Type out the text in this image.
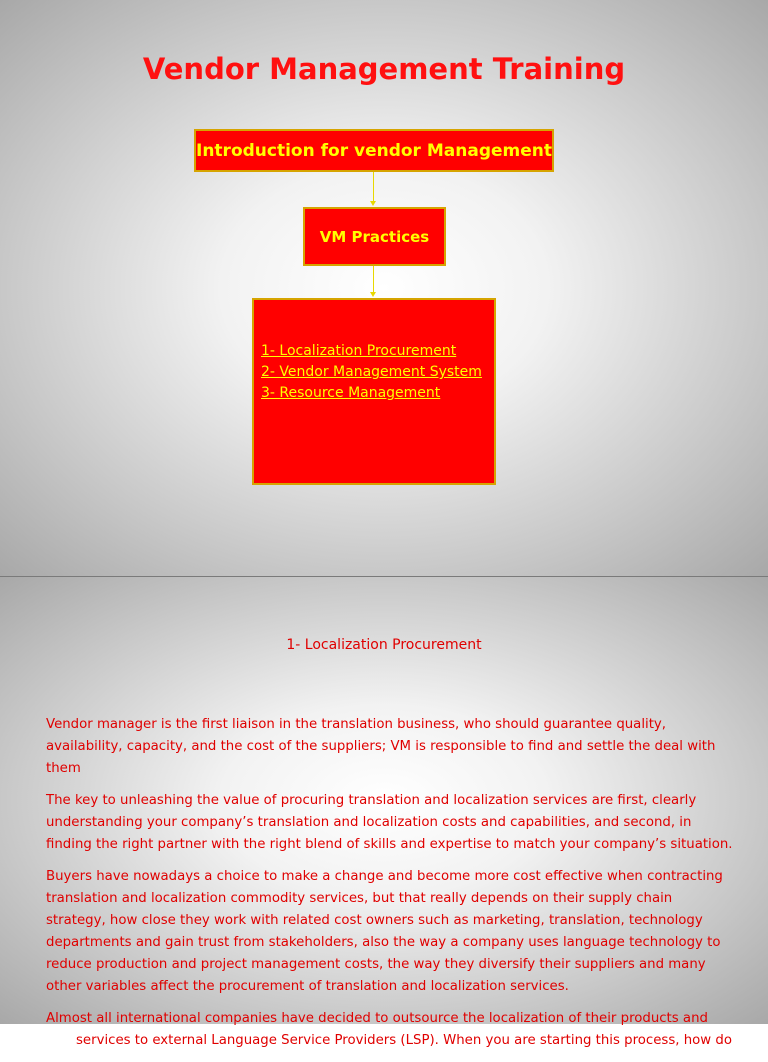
Vendor Management Training
Introduction for vendor Management
VM Practices
1- Localization Procurement
2- Vendor Management System
3- Resource Management
1- Localization Procurement

Vendor manager is the first liaison in the translation business, who should guarantee quality, availability, capacity, and the cost of the suppliers; VM is responsible to find and settle the deal with them

The key to unleashing the value of procuring translation and localization services are first, clearly understanding your company’s translation and localization costs and capabilities, and second, in finding the right partner with the right blend of skills and expertise to match your company’s situation.

Buyers have nowadays a choice to make a change and become more cost effective when contracting translation and localization commodity services, but that really depends on their supply chain strategy, how close they work with related cost owners such as marketing, translation, technology departments and gain trust from stakeholders, also the way a company uses language technology to reduce production and project management costs, the way they diversify their suppliers and many other variables affect the procurement of translation and localization services.

Almost all international companies have decided to outsource the localization of their products and services to external Language Service Providers (LSP). When you are starting this process, how do
